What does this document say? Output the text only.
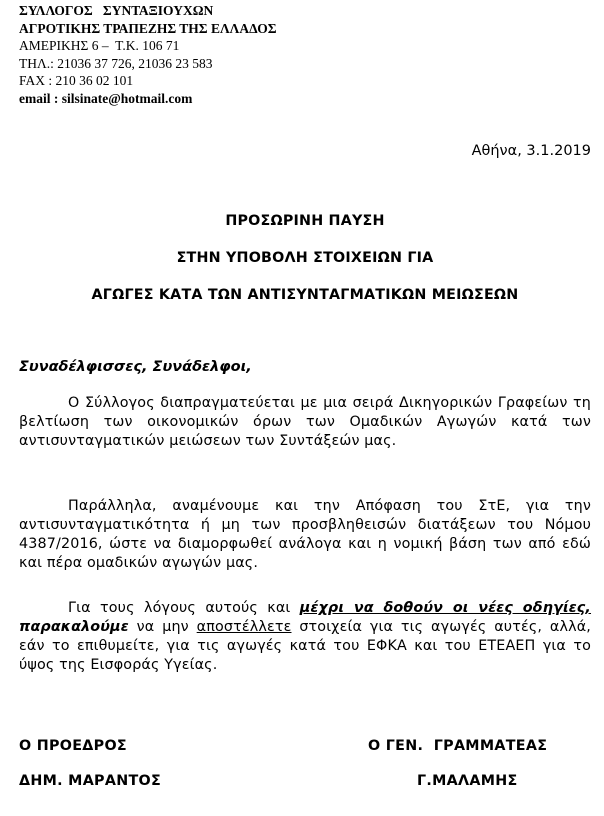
ΣΥΛΛΟΓΟΣ   ΣΥΝΤΑΞΙΟΥΧΩΝ
ΑΓΡΟΤΙΚΗΣ ΤΡΑΠΕΖΗΣ ΤΗΣ ΕΛΛΑΔΟΣ
ΑΜΕΡΙΚΗΣ 6 –  Τ.Κ. 106 71
ΤΗΛ.: 21036 37 726, 21036 23 583
FAX : 210 36 02 101
email : silsinate@hotmail.com
Αθήνα, 3.1.2019
ΠΡΟΣΩΡΙΝΗ ΠΑΥΣΗ
ΣΤΗΝ ΥΠΟΒΟΛΗ ΣΤΟΙΧΕΙΩΝ ΓΙΑ
ΑΓΩΓΕΣ ΚΑΤΑ ΤΩΝ ΑΝΤΙΣΥΝΤΑΓΜΑΤΙΚΩΝ ΜΕΙΩΣΕΩΝ
Συναδέλφισσες, Συνάδελφοι,
Ο Σύλλογος διαπραγματεύεται με μια σειρά Δικηγορικών Γραφείων τη βελτίωση των οικονομικών όρων των Ομαδικών Αγωγών κατά των αντισυνταγματικών μειώσεων των Συντάξεών μας.
Παράλληλα, αναμένουμε και την Απόφαση του ΣτΕ, για την αντισυνταγματικότητα ή μη των προσβληθεισών διατάξεων του Νόμου 4387/2016, ώστε να διαμορφωθεί ανάλογα και η νομική βάση των από εδώ και πέρα ομαδικών αγωγών μας.
Για τους λόγους αυτούς και μέχρι να δοθούν οι νέες οδηγίες, παρακαλούμε να μην αποστέλλετε στοιχεία για τις αγωγές αυτές, αλλά, εάν το επιθυμείτε, για τις αγωγές κατά του ΕΦΚΑ και του ΕΤΕΑΕΠ για το ύψος της Εισφοράς Υγείας.
Ο ΠΡΟΕΔΡΟΣ	Ο ΓΕΝ.  ΓΡΑΜΜΑΤΕΑΣ
ΔΗΜ. ΜΑΡΑΝΤΟΣ	Γ.ΜΑΛΑΜΗΣ
